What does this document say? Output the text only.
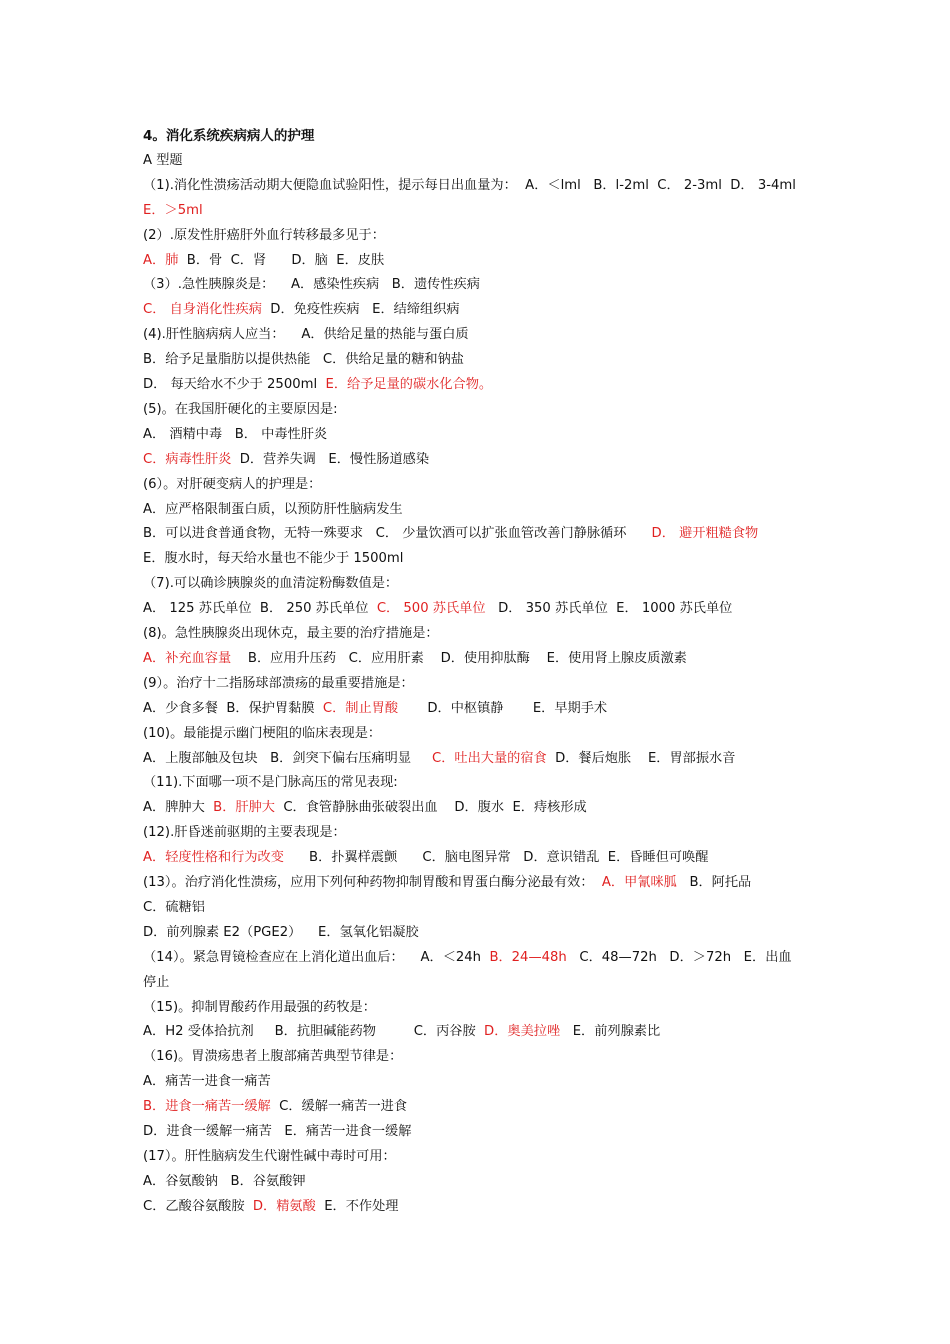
4。消化系统疾病病人的护理
A 型题
（1).消化性溃疡活动期大便隐血试验阳性，提示每日出血量为：  A．＜lml   B．l-2ml  C． 2-3ml  D． 3-4ml
E．＞5ml
(2）.原发性肝癌肝外血行转移最多见于：
A．肺  B．骨  C．肾      D．脑  E．皮肤
（3）.急性胰腺炎是：    A．感染性疾病   B．遗传性疾病
C． 自身消化性疾病  D．免疫性疾病   E．结缔组织病
(4).肝性脑病病人应当：    A．供给足量的热能与蛋白质
B．给予足量脂肪以提供热能   C．供给足量的糖和钠盐
D． 每天给水不少于 2500ml  E．给予足量的碳水化合物。
(5)。在我国肝硬化的主要原因是:
A． 酒精中毒   B． 中毒性肝炎
C．病毒性肝炎  D．营养失调   E．慢性肠道感染
(6）。对肝硬变病人的护理是：
A．应严格限制蛋白质，以预防肝性脑病发生
B．可以进食普通食物，无特一殊要求   C． 少量饮酒可以扩张血管改善门静脉循环      D． 避开粗糙食物
E．腹水时，每天给水量也不能少于 1500ml
（7).可以确诊胰腺炎的血清淀粉酶数值是：
A． 125 苏氏单位  B． 250 苏氏单位  C． 500 苏氏单位   D． 350 苏氏单位  E． 1000 苏氏单位
(8)。急性胰腺炎出现休克，最主要的治疗措施是：
A．补充血容量    B．应用升压药   C．应用肝素    D．使用抑肽酶    E．使用肾上腺皮质激素
(9）。治疗十二指肠球部溃疡的最重要措施是：
A．少食多餐  B．保护胃黏膜  C．制止胃酸       D．中枢镇静       E．早期手术
(10)。最能提示幽门梗阻的临床表现是：
A．上腹部触及包块   B．剑突下偏右压痛明显     C．吐出大量的宿食  D．餐后炮胀    E．胃部振水音
（11).下面哪一项不是门脉高压的常见表现:
A．脾肿大  B．肝肿大  C．食管静脉曲张破裂出血    D．腹水  E．痔核形成
(12).肝昏迷前驱期的主要表现是：
A．轻度性格和行为改变      B．扑翼样震颤      C．脑电图异常   D．意识错乱  E．昏睡但可唤醒
(13）。治疗消化性溃疡，应用下列何种药物抑制胃酸和胃蛋白酶分泌最有效：  A．甲氰咪胍   B．阿托品
C．硫糖铝
D．前列腺素 E2（PGE2）    E．氢氧化铝凝胶
（14）。紧急胃镜检查应在上消化道出血后：    A．＜24h  B．24—48h   C．48—72h   D．＞72h   E．出血
停止
（15)。抑制胃酸药作用最强的药牧是：
A．H2 受体拾抗剂     B．抗胆碱能药物         C．丙谷胺  D．奥美拉唑   E．前列腺素比
（16)。胃溃疡患者上腹部痛苦典型节律是：
A．痛苦一进食一痛苦
B．进食一痛苦一缓解  C．缓解一痛苦一进食
D．进食一缓解一痛苦   E．痛苦一进食一缓解
(17）。肝性脑病发生代谢性碱中毒时可用：
A．谷氨酸钠   B．谷氨酸钾
C．乙酸谷氨酸胺  D．精氨酸  E．不作处理
